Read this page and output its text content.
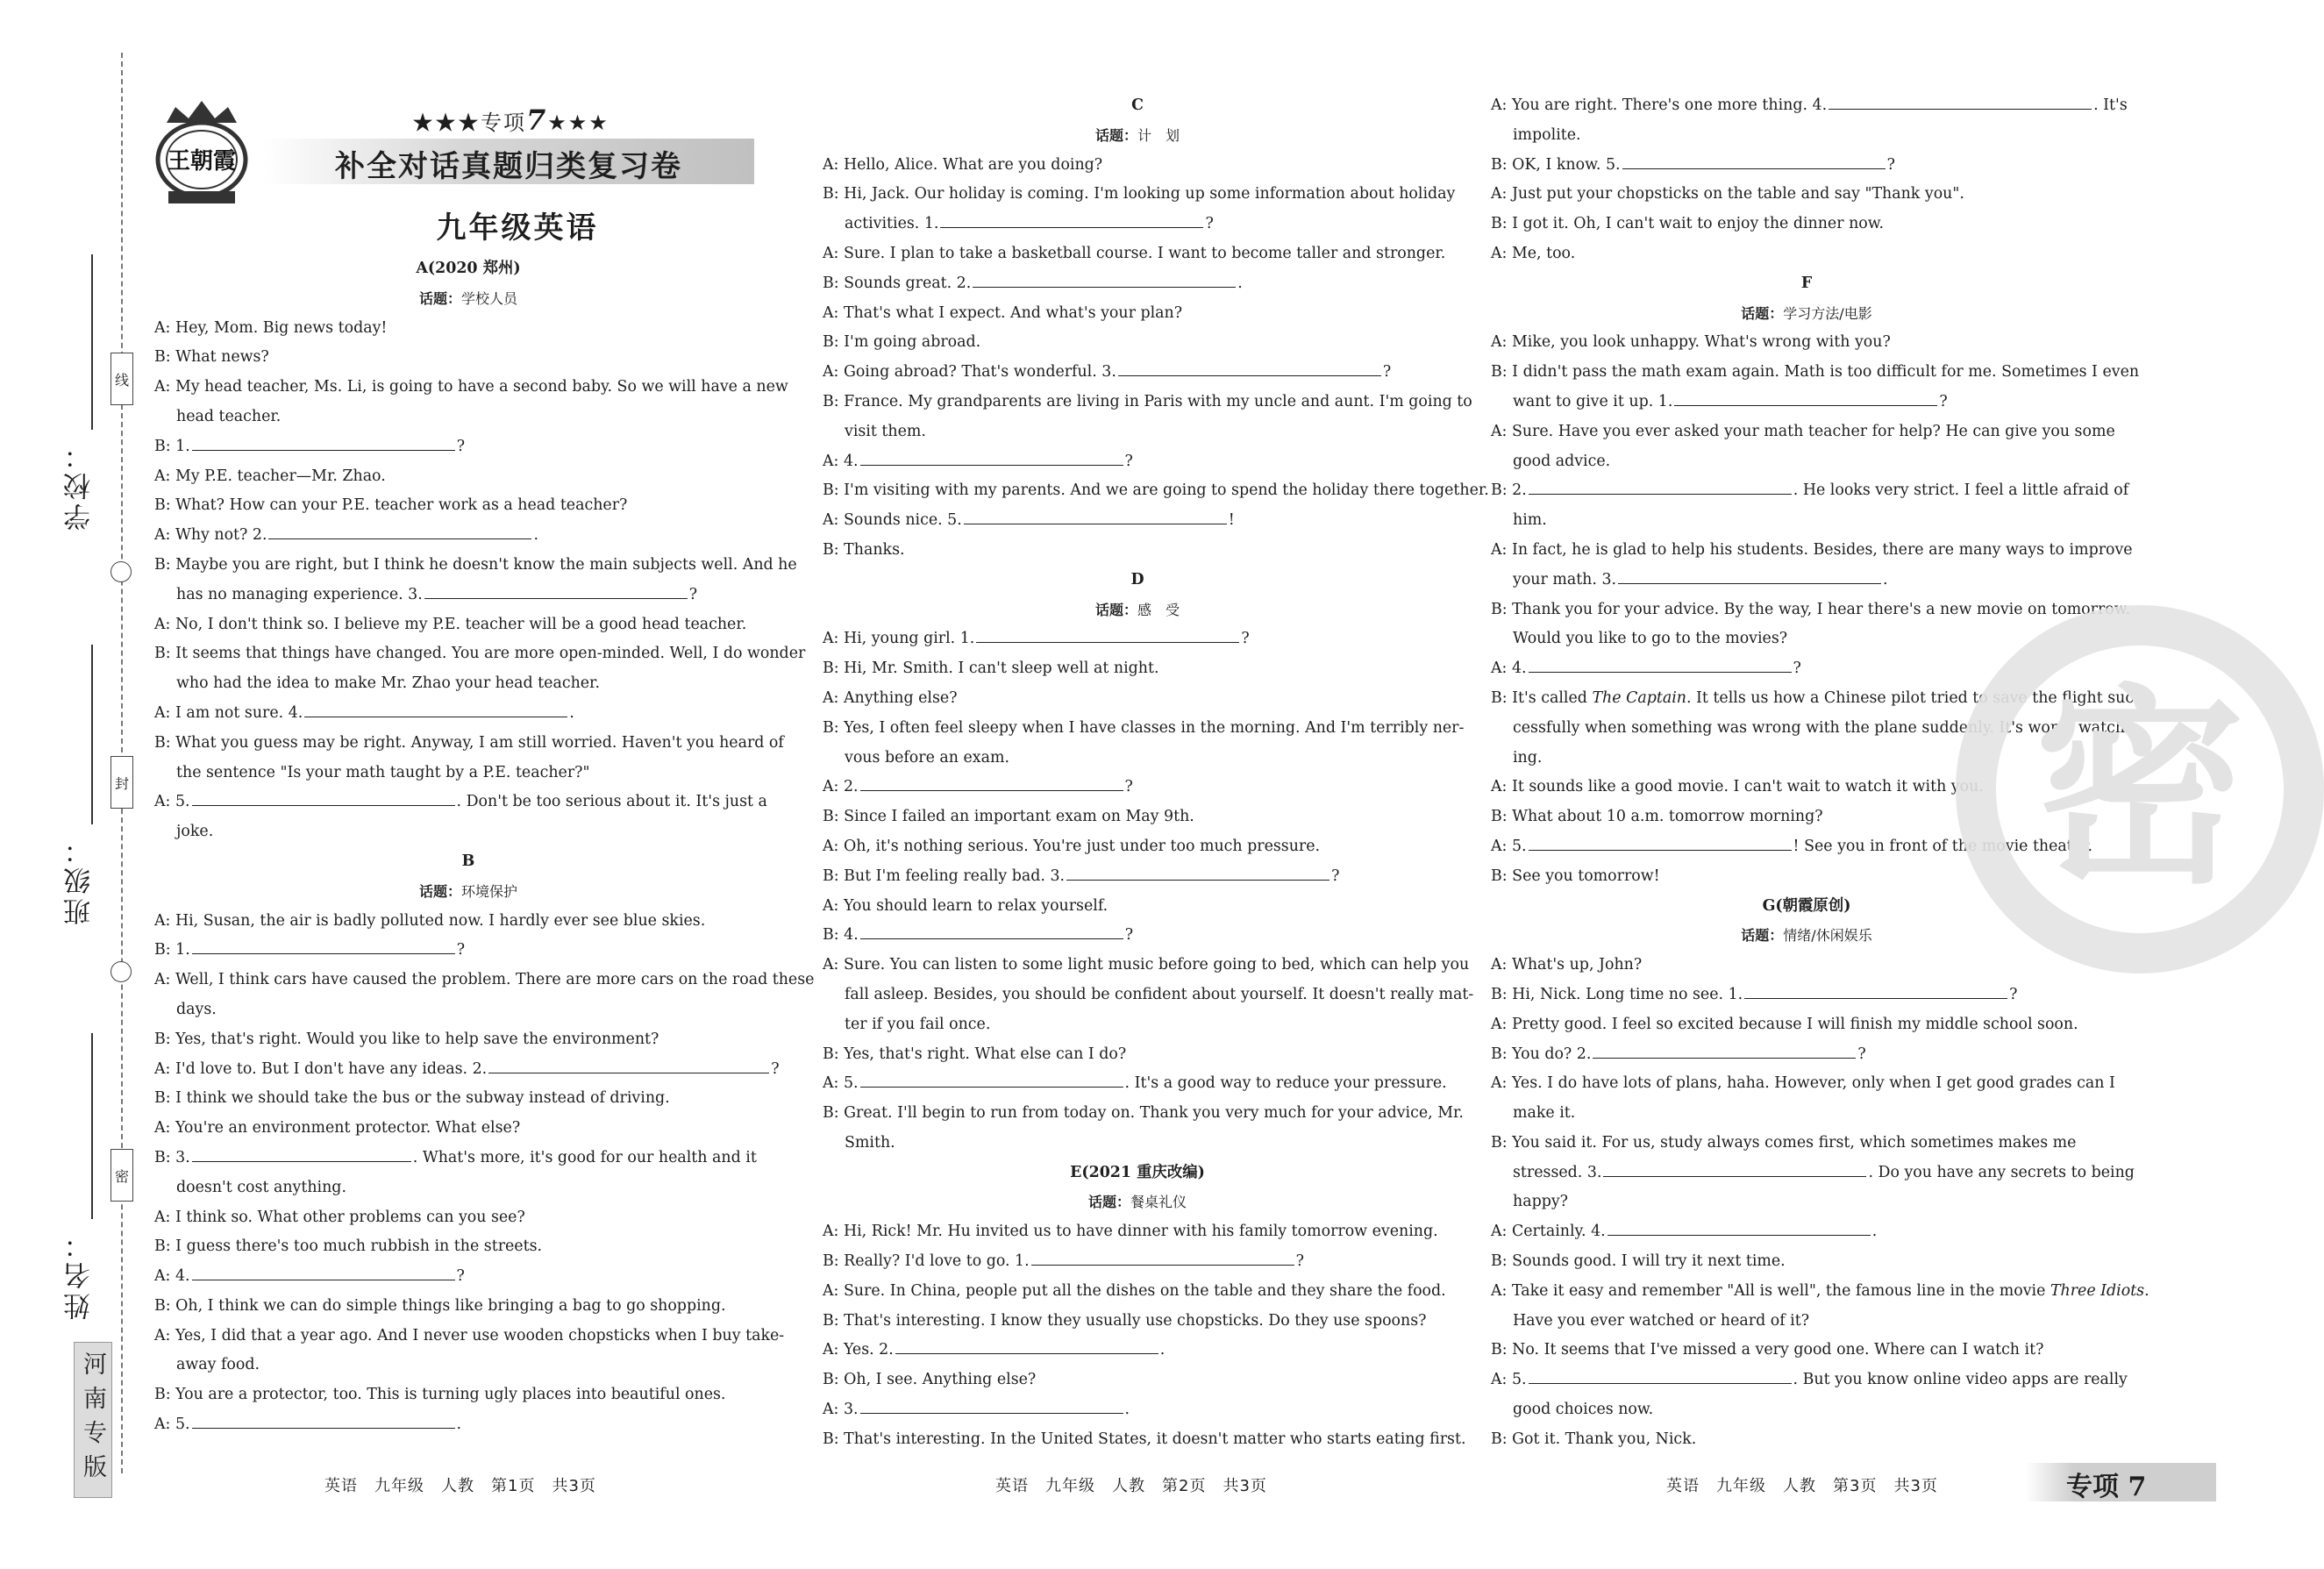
线
封
密
学校：
班级：
姓名：
河南专版
王朝霞
★★★专项7★★★
补全对话真题归类复习卷
九年级英语
A(2020 郑州)
话题：学校人员
A: Hey, Mom. Big news today!
B: What news?
A: My head teacher, Ms. Li, is going to have a second baby. So we will have a new
head teacher.
B: 1.	?
A: My P.E. teacher—Mr. Zhao.
B: What? How can your P.E. teacher work as a head teacher?
A: Why not? 2.	.
B: Maybe you are right, but I think he doesn't know the main subjects well. And he
has no managing experience. 3.	?
A: No, I don't think so. I believe my P.E. teacher will be a good head teacher.
B: It seems that things have changed. You are more open-minded. Well, I do wonder
who had the idea to make Mr. Zhao your head teacher.
A: I am not sure. 4.	.
B: What you guess may be right. Anyway, I am still worried. Haven't you heard of
the sentence "Is your math taught by a P.E. teacher?"
A: 5.	. Don't be too serious about it. It's just a
joke.
B
话题：环境保护
A: Hi, Susan, the air is badly polluted now. I hardly ever see blue skies.
B: 1.	?
A: Well, I think cars have caused the problem. There are more cars on the road these
days.
B: Yes, that's right. Would you like to help save the environment?
A: I'd love to. But I don't have any ideas. 2.	?
B: I think we should take the bus or the subway instead of driving.
A: You're an environment protector. What else?
B: 3.	. What's more, it's good for our health and it
doesn't cost anything.
A: I think so. What other problems can you see?
B: I guess there's too much rubbish in the streets.
A: 4.	?
B: Oh, I think we can do simple things like bringing a bag to go shopping.
A: Yes, I did that a year ago. And I never use wooden chopsticks when I buy take-
away food.
B: You are a protector, too. This is turning ugly places into beautiful ones.
A: 5.	.
C
话题：计　划
A: Hello, Alice. What are you doing?
B: Hi, Jack. Our holiday is coming. I'm looking up some information about holiday
activities. 1.	?
A: Sure. I plan to take a basketball course. I want to become taller and stronger.
B: Sounds great. 2.	.
A: That's what I expect. And what's your plan?
B: I'm going abroad.
A: Going abroad? That's wonderful. 3.	?
B: France. My grandparents are living in Paris with my uncle and aunt. I'm going to
visit them.
A: 4.	?
B: I'm visiting with my parents. And we are going to spend the holiday there together.
A: Sounds nice. 5.	!
B: Thanks.
D
话题：感　受
A: Hi, young girl. 1.	?
B: Hi, Mr. Smith. I can't sleep well at night.
A: Anything else?
B: Yes, I often feel sleepy when I have classes in the morning. And I'm terribly ner-
vous before an exam.
A: 2.	?
B: Since I failed an important exam on May 9th.
A: Oh, it's nothing serious. You're just under too much pressure.
B: But I'm feeling really bad. 3.	?
A: You should learn to relax yourself.
B: 4.	?
A: Sure. You can listen to some light music before going to bed, which can help you
fall asleep. Besides, you should be confident about yourself. It doesn't really mat-
ter if you fail once.
B: Yes, that's right. What else can I do?
A: 5.	. It's a good way to reduce your pressure.
B: Great. I'll begin to run from today on. Thank you very much for your advice, Mr.
Smith.
E(2021 重庆改编)
话题：餐桌礼仪
A: Hi, Rick! Mr. Hu invited us to have dinner with his family tomorrow evening.
B: Really? I'd love to go. 1.	?
A: Sure. In China, people put all the dishes on the table and they share the food.
B: That's interesting. I know they usually use chopsticks. Do they use spoons?
A: Yes. 2.	.
B: Oh, I see. Anything else?
A: 3.	.
B: That's interesting. In the United States, it doesn't matter who starts eating first.
A: You are right. There's one more thing. 4.	. It's
impolite.
B: OK, I know. 5.	?
A: Just put your chopsticks on the table and say "Thank you".
B: I got it. Oh, I can't wait to enjoy the dinner now.
A: Me, too.
F
话题：学习方法/电影
A: Mike, you look unhappy. What's wrong with you?
B: I didn't pass the math exam again. Math is too difficult for me. Sometimes I even
want to give it up. 1.	?
A: Sure. Have you ever asked your math teacher for help? He can give you some
good advice.
B: 2.	. He looks very strict. I feel a little afraid of
him.
A: In fact, he is glad to help his students. Besides, there are many ways to improve
your math. 3.	.
B: Thank you for your advice. By the way, I hear there's a new movie on tomorrow.
Would you like to go to the movies?
A: 4.	?
B: It's called The Captain. It tells us how a Chinese pilot tried to save the flight suc-
cessfully when something was wrong with the plane suddenly. It's worth watch-
ing.
A: It sounds like a good movie. I can't wait to watch it with you.
B: What about 10 a.m. tomorrow morning?
A: 5.	! See you in front of the movie theater.
B: See you tomorrow!
G(朝霞原创)
话题：情绪/休闲娱乐
A: What's up, John?
B: Hi, Nick. Long time no see. 1.	?
A: Pretty good. I feel so excited because I will finish my middle school soon.
B: You do? 2.	?
A: Yes. I do have lots of plans, haha. However, only when I get good grades can I
make it.
B: You said it. For us, study always comes first, which sometimes makes me
stressed. 3.	. Do you have any secrets to being
happy?
A: Certainly. 4.	.
B: Sounds good. I will try it next time.
A: Take it easy and remember "All is well", the famous line in the movie Three Idiots.
Have you ever watched or heard of it?
B: No. It seems that I've missed a very good one. Where can I watch it?
A: 5.	. But you know online video apps are really
good choices now.
B: Got it. Thank you, Nick.
密
英语　九年级　人教　第1页　共3页	英语　九年级　人教　第2页　共3页	英语　九年级　人教　第3页　共3页	专项 7
